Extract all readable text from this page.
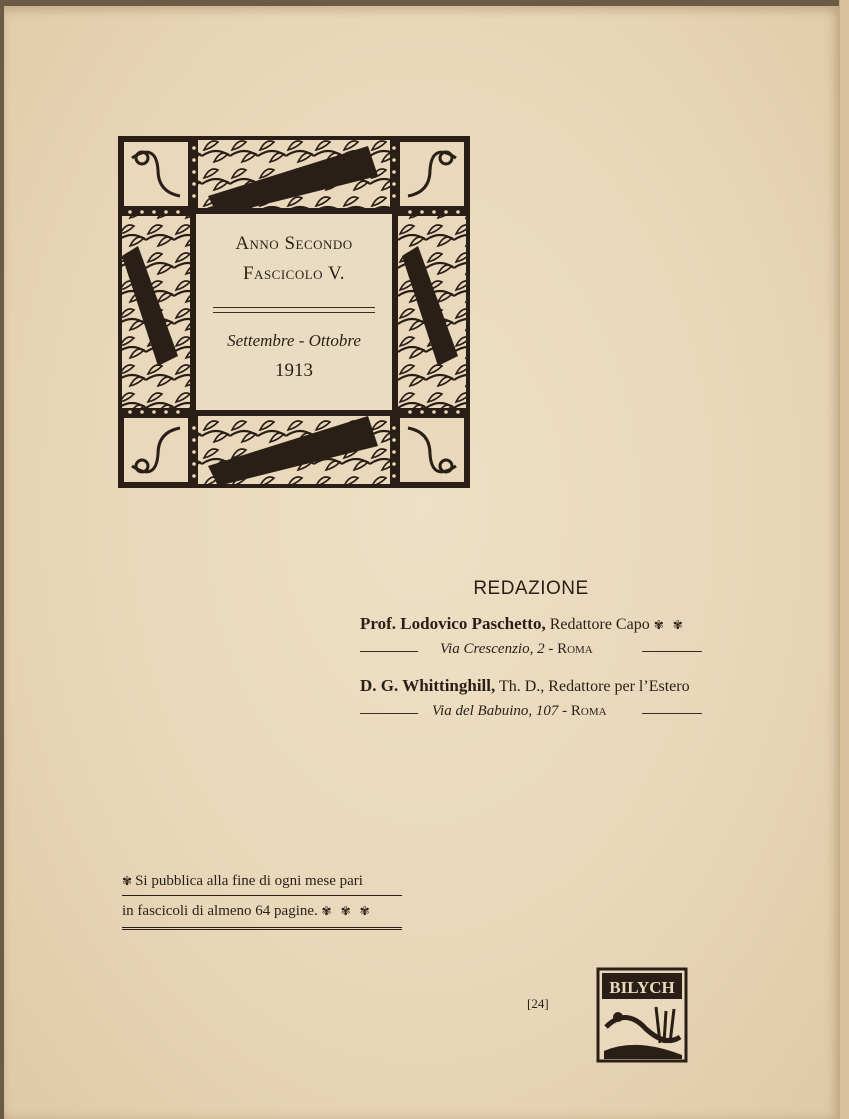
Anno Secondo
Fascicolo V.
Settembre - Ottobre
1913
REDAZIONE
Prof. Lodovico Paschetto, Redattore Capo ✾ ✾
Via Crescenzio, 2 - Roma
D. G. Whittinghill, Th. D., Redattore per l’Estero
Via del Babuino, 107 - Roma
✾Si pubblica alla fine di ogni mese pari
in fascicoli di almeno 64 pagine. ✾ ✾ ✾
[24]
BILYCH
